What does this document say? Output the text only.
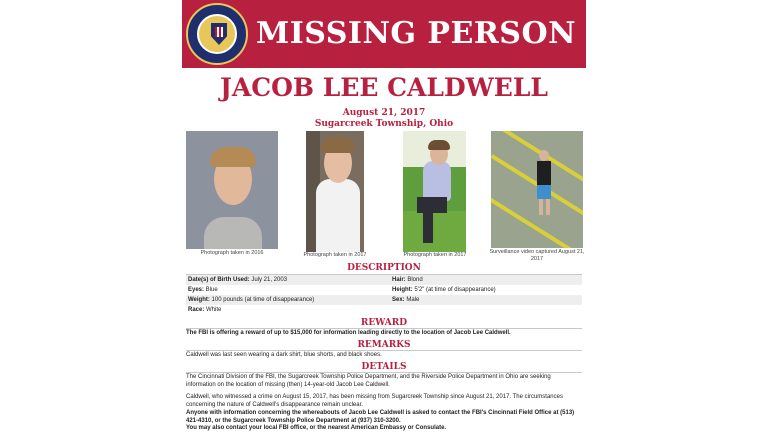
MISSING PERSON
JACOB LEE CALDWELL
August 21, 2017
Sugarcreek Township, Ohio
Photograph taken in 2016	Photograph taken in 2017	Photograph taken in 2017	Surveillance video captured August 21, 2017
DESCRIPTION
Date(s) of Birth Used: July 21, 2003	Hair: Blond
Eyes: Blue	Height: 5'2" (at time of disappearance)
Weight: 100 pounds (at time of disappearance)	Sex: Male
Race: White
REWARD
The FBI is offering a reward of up to $15,000 for information leading directly to the location of Jacob Lee Caldwell.
REMARKS
Caldwell was last seen wearing a dark shirt, blue shorts, and black shoes.
DETAILS
The Cincinnati Division of the FBI, the Sugarcreek Township Police Department, and the Riverside Police Department in Ohio are seeking information on the location of missing (then) 14-year-old Jacob Lee Caldwell.
Caldwell, who witnessed a crime on August 15, 2017, has been missing from Sugarcreek Township since August 21, 2017. The circumstances concerning the nature of Caldwell's disappearance remain unclear.
Anyone with information concerning the whereabouts of Jacob Lee Caldwell is asked to contact the FBI's Cincinnati Field Office at (513) 421-4310, or the Sugarcreek Township Police Department at (937) 310-3200.
You may also contact your local FBI office, or the nearest American Embassy or Consulate.
